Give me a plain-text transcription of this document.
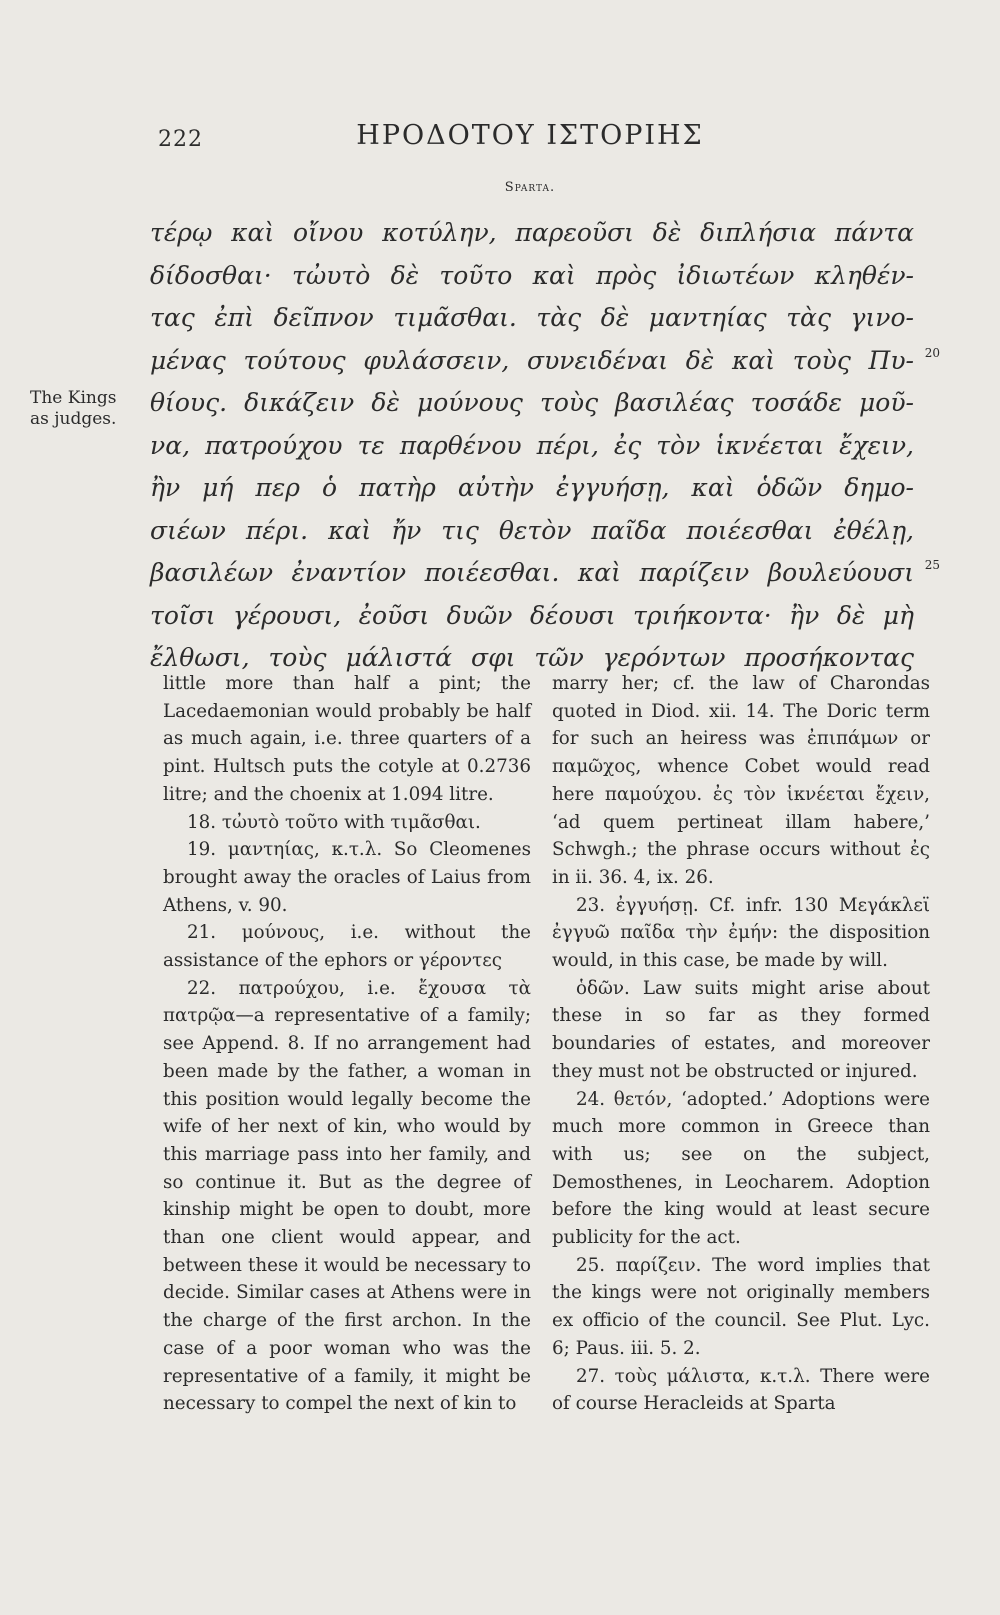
222	ΗΡΟΔΟΤΟΥ ΙΣΤΟΡΙΗΣ
Sparta.
The Kings
as judges.
τέρῳ καὶ οἴνου κοτύλην, παρεοῦσι δὲ διπλήσια πάντα
δίδοσθαι· τὠυτὸ δὲ τοῦτο καὶ πρὸς ἰδιωτέων κληθέν-
τας ἐπὶ δεῖπνον τιμᾶσθαι. τὰς δὲ μαντηίας τὰς γινο-
μένας τούτους φυλάσσειν, συνειδέναι δὲ καὶ τοὺς Πυ- 20
θίους. δικάζειν δὲ μούνους τοὺς βασιλέας τοσάδε μοῦ-
να, πατρούχου τε παρθένου πέρι, ἐς τὸν ἱκνέεται ἔχειν,
ἢν μή περ ὁ πατὴρ αὐτὴν ἐγγυήσῃ, καὶ ὁδῶν δημο-
σιέων πέρι. καὶ ἤν τις θετὸν παῖδα ποιέεσθαι ἐθέλῃ,
βασιλέων ἐναντίον ποιέεσθαι. καὶ παρίζειν βουλεύουσι 25
τοῖσι γέρουσι, ἐοῦσι δυῶν δέουσι τριήκοντα· ἢν δὲ μὴ
ἔλθωσι, τοὺς μάλιστά σφι τῶν γερόντων προσήκοντας

little more than half a pint; the Lacedaemonian would probably be half as much again, i.e. three quarters of a pint. Hultsch puts the cotyle at 0.2736 litre; and the choenix at 1.094 litre.

18. τὠυτὸ τοῦτο with τιμᾶσθαι.

19. μαντηίας, κ.τ.λ. So Cleomenes brought away the oracles of Laius from Athens, v. 90.

21. μούνους, i.e. without the assistance of the ephors or γέροντες

22. πατρούχου, i.e. ἔχουσα τὰ πατρῷα—a representative of a family; see Append. 8. If no arrangement had been made by the father, a woman in this position would legally become the wife of her next of kin, who would by this marriage pass into her family, and so continue it. But as the degree of kinship might be open to doubt, more than one client would appear, and between these it would be necessary to decide. Similar cases at Athens were in the charge of the first archon. In the case of a poor woman who was the representative of a family, it might be necessary to compel the next of kin to

marry her; cf. the law of Charondas quoted in Diod. xii. 14. The Doric term for such an heiress was ἐπιπάμων or παμῶχος, whence Cobet would read here παμούχου. ἐς τὸν ἱκνέεται ἔχειν, ‘ad quem pertineat illam habere,’ Schwgh.; the phrase occurs without ἐς in ii. 36. 4, ix. 26.

23. ἐγγυήσῃ. Cf. infr. 130 Μεγάκλεϊ ἐγγυῶ παῖδα τὴν ἐμήν: the disposition would, in this case, be made by will.

ὁδῶν. Law suits might arise about these in so far as they formed boundaries of estates, and moreover they must not be obstructed or injured.

24. θετόν, ‘adopted.’ Adoptions were much more common in Greece than with us; see on the subject, Demosthenes, in Leocharem. Adoption before the king would at least secure publicity for the act.

25. παρίζειν. The word implies that the kings were not originally members ex officio of the council. See Plut. Lyc. 6; Paus. iii. 5. 2.

27. τοὺς μάλιστα, κ.τ.λ. There were of course Heracleids at Sparta
